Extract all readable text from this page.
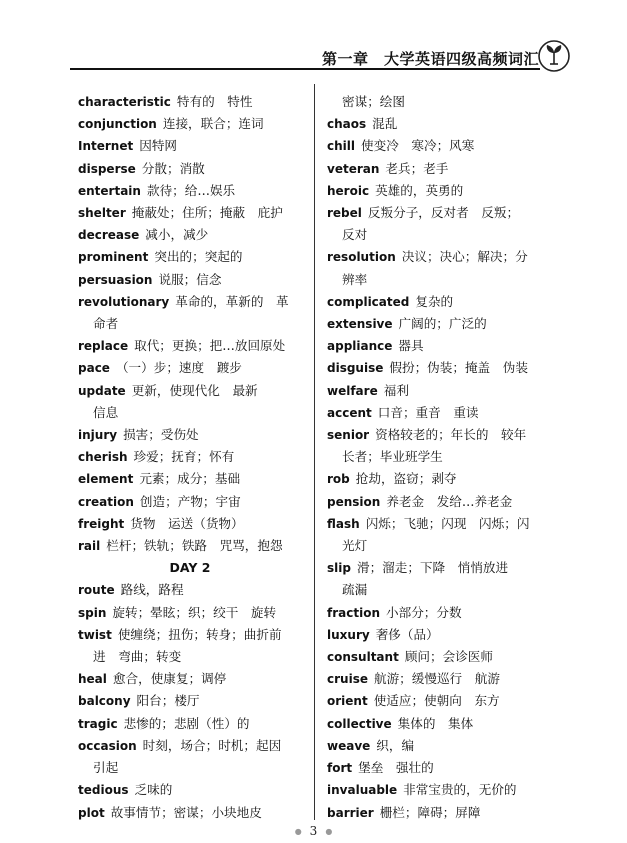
第一章　大学英语四级高频词汇
characteristic 特有的　特性
conjunction 连接，联合；连词
Internet 因特网
disperse 分散；消散
entertain 款待；给…娱乐
shelter 掩蔽处；住所；掩蔽　庇护
decrease 减小，减少
prominent 突出的；突起的
persuasion 说服；信念
revolutionary 革命的，革新的　革
命者
replace 取代；更换；把…放回原处
pace （一）步；速度　踱步
update 更新，使现代化　最新
信息
injury 损害；受伤处
cherish 珍爱；抚育；怀有
element 元素；成分；基础
creation 创造；产物；宇宙
freight 货物　运送（货物）
rail 栏杆；铁轨；铁路　咒骂，抱怨
DAY 2
route 路线，路程
spin 旋转；晕眩；织；绞干　旋转
twist 使缠绕；扭伤；转身；曲折前
进　弯曲；转变
heal 愈合，使康复；调停
balcony 阳台；楼厅
tragic 悲惨的；悲剧（性）的
occasion 时刻，场合；时机；起因
引起
tedious 乏味的
plot 故事情节；密谋；小块地皮
密谋；绘图
chaos 混乱
chill 使变冷　寒冷；风寒
veteran 老兵；老手
heroic 英雄的，英勇的
rebel 反叛分子，反对者　反叛；
反对
resolution 决议；决心；解决；分
辨率
complicated 复杂的
extensive 广阔的；广泛的
appliance 器具
disguise 假扮；伪装；掩盖　伪装
welfare 福利
accent 口音；重音　重读
senior 资格较老的；年长的　较年
长者；毕业班学生
rob 抢劫，盗窃；剥夺
pension 养老金　发给…养老金
flash 闪烁；飞驰；闪现　闪烁；闪
光灯
slip 滑；溜走；下降　悄悄放进
疏漏
fraction 小部分；分数
luxury 奢侈（品）
consultant 顾问；会诊医师
cruise 航游；缓慢巡行　航游
orient 使适应；使朝向　东方
collective 集体的　集体
weave 织，编
fort 堡垒　强壮的
invaluable 非常宝贵的，无价的
barrier 栅栏；障碍；屏障
● 3 ●
